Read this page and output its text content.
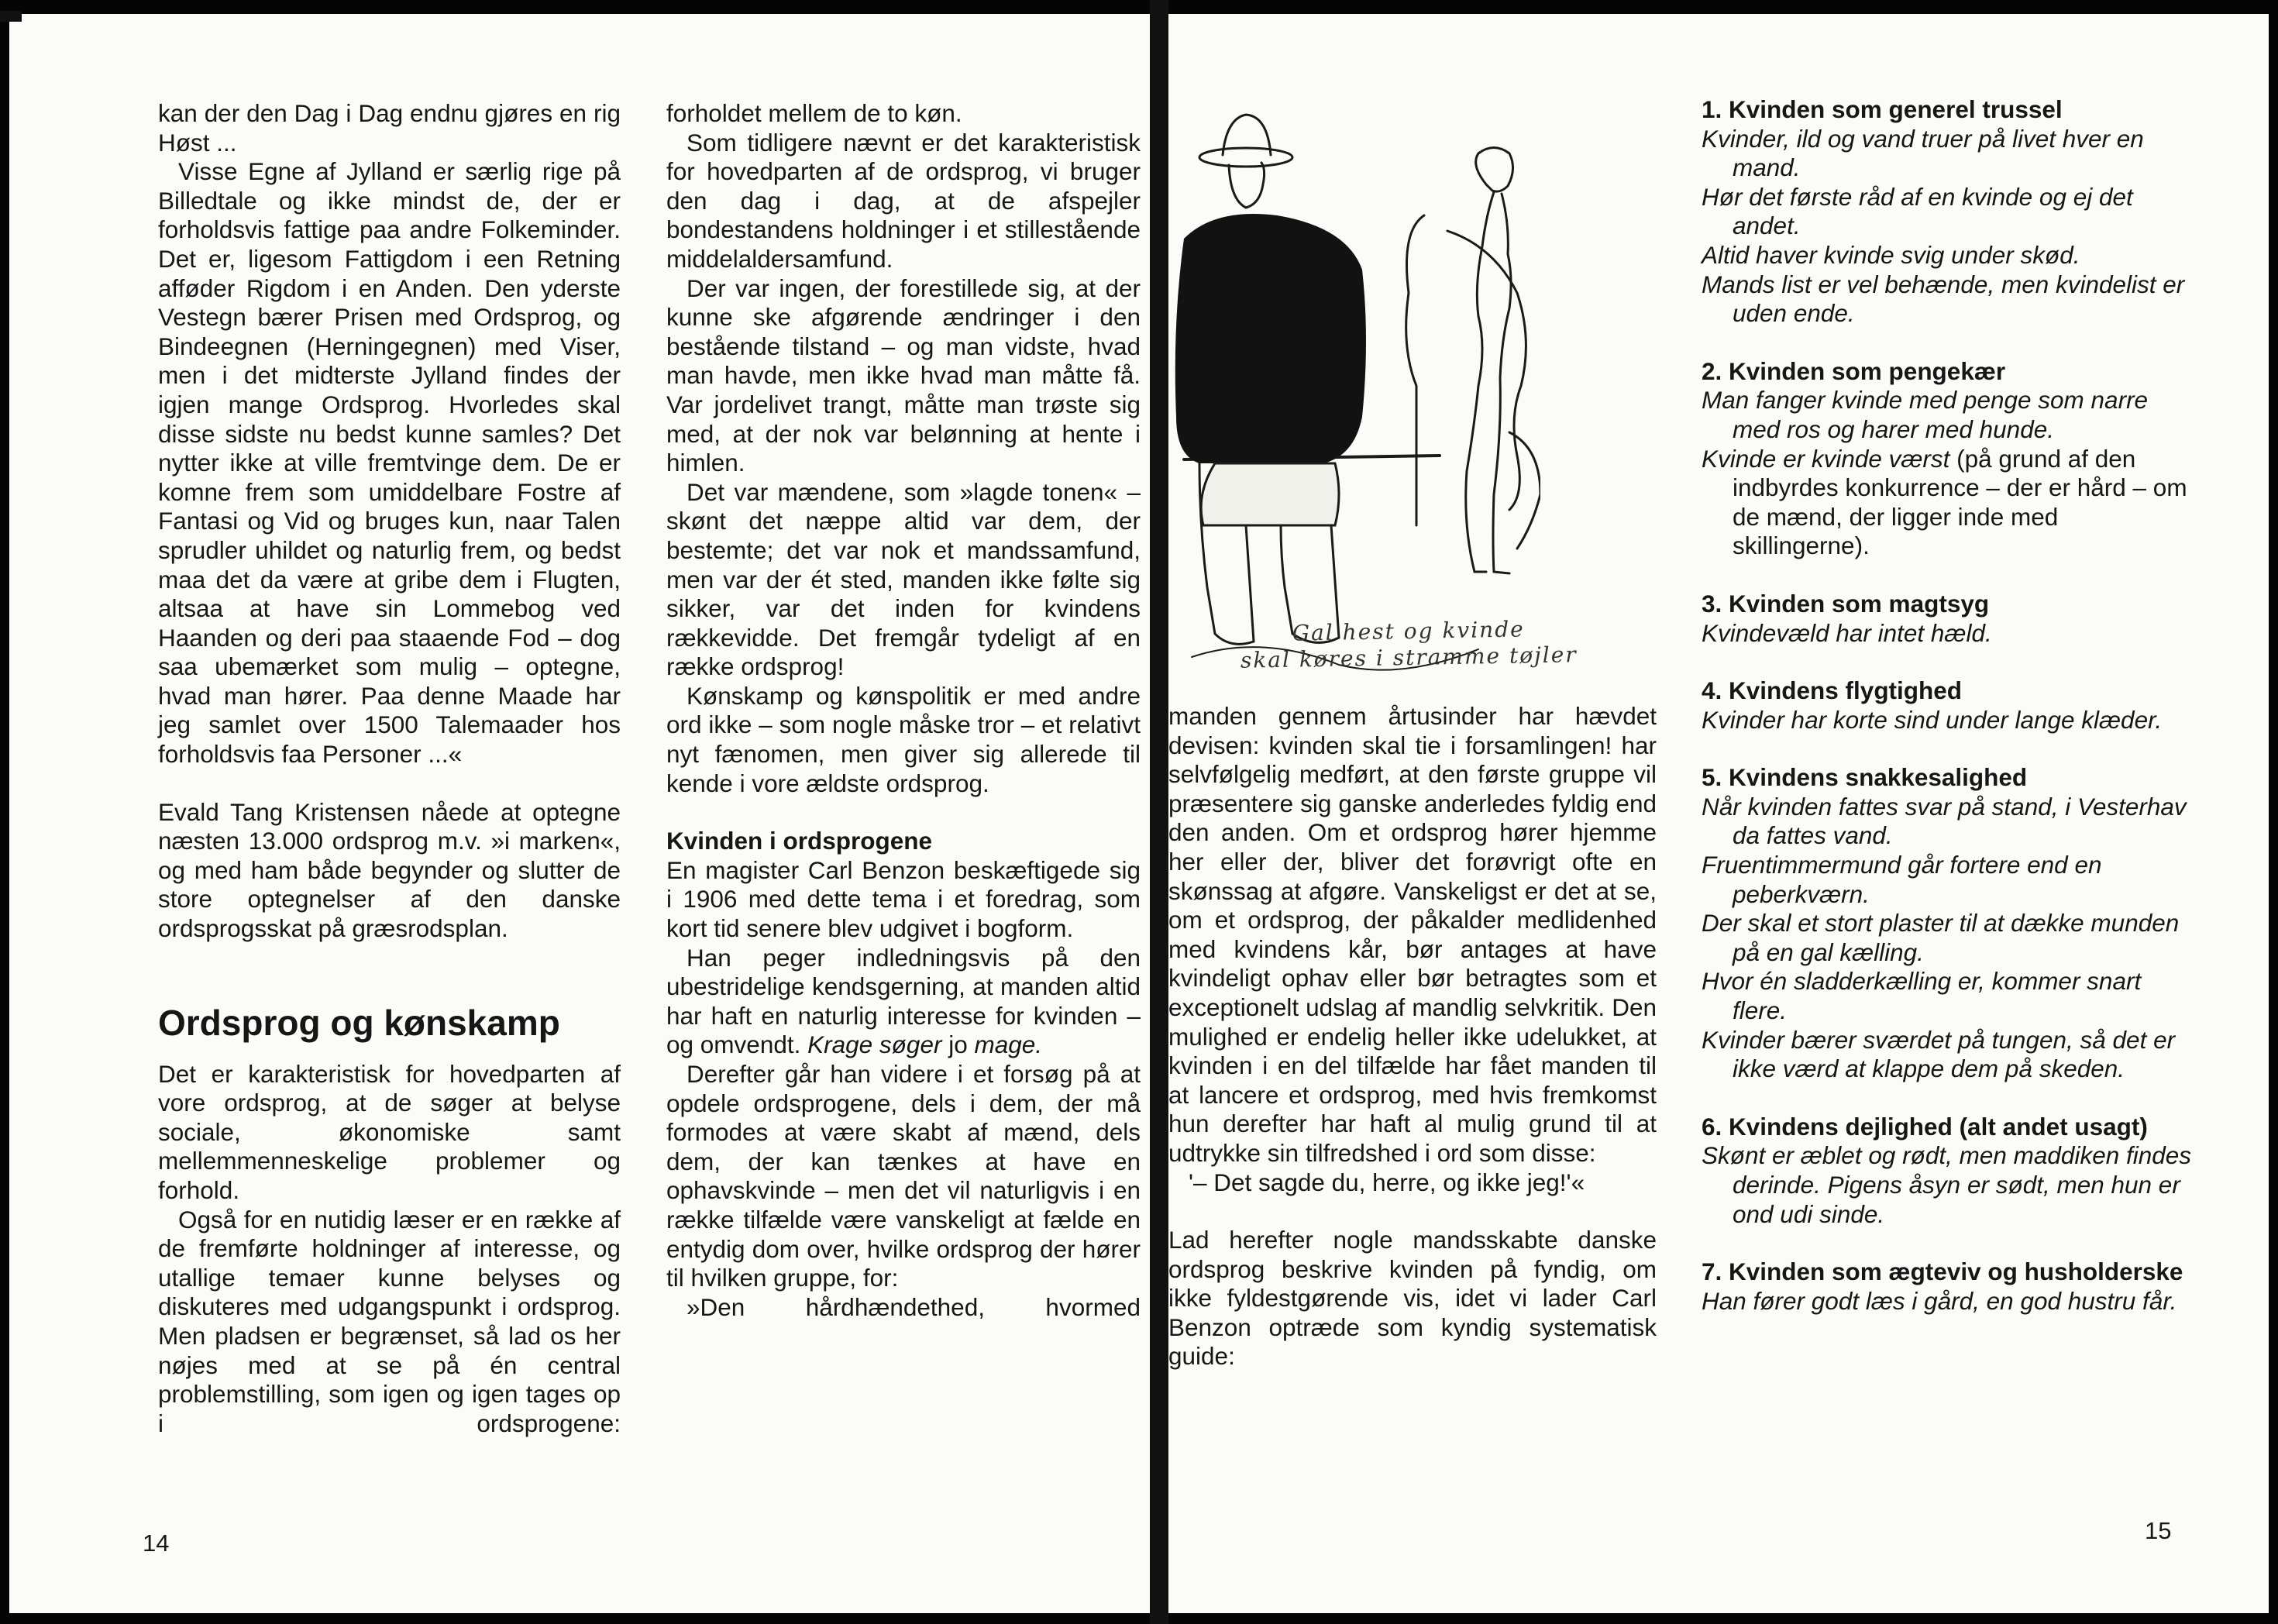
kan der den Dag i Dag endnu gjøres en rig Høst ...

Visse Egne af Jylland er særlig rige på Billedtale og ikke mindst de, der er forholdsvis fattige paa andre Folkeminder. Det er, ligesom Fattigdom i een Retning afføder Rigdom i en Anden. Den yderste Vestegn bærer Prisen med Ordsprog, og Bindeegnen (Herningegnen) med Viser, men i det midterste Jylland findes der igjen mange Ordsprog. Hvorledes skal disse sidste nu bedst kunne samles? Det nytter ikke at ville fremtvinge dem. De er komne frem som umiddelbare Fostre af Fantasi og Vid og bruges kun, naar Talen sprudler uhildet og naturlig frem, og bedst maa det da være at gribe dem i Flugten, altsaa at have sin Lommebog ved Haanden og deri paa staaende Fod – dog saa ubemærket som mulig – optegne, hvad man hører. Paa denne Maade har jeg samlet over 1500 Talemaader hos forholdsvis faa Personer ...«

Evald Tang Kristensen nåede at optegne næsten 13.000 ordsprog m.v. »i marken«, og med ham både begynder og slutter de store optegnelser af den danske ordsprogsskat på græsrodsplan.

Ordsprog og kønskamp

Det er karakteristisk for hovedparten af vore ordsprog, at de søger at belyse sociale, økonomiske samt mellemmenneskelige problemer og forhold.

Også for en nutidig læser er en række af de fremførte holdninger af interesse, og utallige temaer kunne belyses og diskuteres med udgangspunkt i ordsprog. Men pladsen er begrænset, så lad os her nøjes med at se på én central problemstilling, som igen og igen tages op i ordsprogene:

forholdet mellem de to køn.

Som tidligere nævnt er det karakteristisk for hovedparten af de ordsprog, vi bruger den dag i dag, at de afspejler bondestandens holdninger i et stillestående middelaldersamfund.

Der var ingen, der forestillede sig, at der kunne ske afgørende ændringer i den bestående tilstand – og man vidste, hvad man havde, men ikke hvad man måtte få. Var jordelivet trangt, måtte man trøste sig med, at der nok var belønning at hente i himlen.

Det var mændene, som »lagde tonen« – skønt det næppe altid var dem, der bestemte; det var nok et mandssamfund, men var der ét sted, manden ikke følte sig sikker, var det inden for kvindens rækkevidde. Det fremgår tydeligt af en række ordsprog!

Kønskamp og kønspolitik er med andre ord ikke – som nogle måske tror – et relativt nyt fænomen, men giver sig allerede til kende i vore ældste ordsprog.

Kvinden i ordsprogene

En magister Carl Benzon beskæftigede sig i 1906 med dette tema i et foredrag, som kort tid senere blev udgivet i bogform.

Han peger indledningsvis på den ubestridelige kendsgerning, at manden altid har haft en naturlig interesse for kvinden – og omvendt. Krage søger jo mage.

Derefter går han videre i et forsøg på at opdele ordsprogene, dels i dem, der må formodes at være skabt af mænd, dels dem, der kan tænkes at have en ophavskvinde – men det vil naturligvis i en række tilfælde være vanskeligt at fælde en entydig dom over, hvilke ordsprog der hører til hvilken gruppe, for:

»Den hårdhændethed, hvormed

14
Gal hest og kvinde
skal køres i stramme tøjler

manden gennem årtusinder har hævdet devisen: kvinden skal tie i forsamlingen! har selvfølgelig medført, at den første gruppe vil præsentere sig ganske anderledes fyldig end den anden. Om et ordsprog hører hjemme her eller der, bliver det forøvrigt ofte en skønssag at afgøre. Vanskeligst er det at se, om et ordsprog, der påkalder medlidenhed med kvindens kår, bør antages at have kvindeligt ophav eller bør betragtes som et exceptionelt udslag af mandlig selvkritik. Den mulighed er endelig heller ikke udelukket, at kvinden i en del tilfælde har fået manden til at lancere et ordsprog, med hvis fremkomst hun derefter har haft al mulig grund til at udtrykke sin tilfredshed i ord som disse:

'– Det sagde du, herre, og ikke jeg!'«

Lad herefter nogle mandsskabte danske ordsprog beskrive kvinden på fyndig, om ikke fyldestgørende vis, idet vi lader Carl Benzon optræde som kyndig systematisk guide:

1. Kvinden som generel trussel
Kvinder, ild og vand truer på livet hver en mand.
Hør det første råd af en kvinde og ej det andet.
Altid haver kvinde svig under skød.
Mands list er vel behænde, men kvindelist er uden ende.
2. Kvinden som pengekær
Man fanger kvinde med penge som narre med ros og harer med hunde.
Kvinde er kvinde værst (på grund af den indbyrdes konkurrence – der er hård – om de mænd, der ligger inde med skillingerne).
3. Kvinden som magtsyg
Kvindevæld har intet hæld.
4. Kvindens flygtighed
Kvinder har korte sind under lange klæder.
5. Kvindens snakkesalighed
Når kvinden fattes svar på stand, i Vesterhav da fattes vand.
Fruentimmermund går fortere end en peberkværn.
Der skal et stort plaster til at dække munden på en gal kælling.
Hvor én sladderkælling er, kommer snart flere.
Kvinder bærer sværdet på tungen, så det er ikke værd at klappe dem på skeden.
6. Kvindens dejlighed (alt andet usagt)
Skønt er æblet og rødt, men maddiken findes derinde. Pigens åsyn er sødt, men hun er ond udi sinde.
7. Kvinden som ægteviv og husholderske
Han fører godt læs i gård, en god hustru får.
15
